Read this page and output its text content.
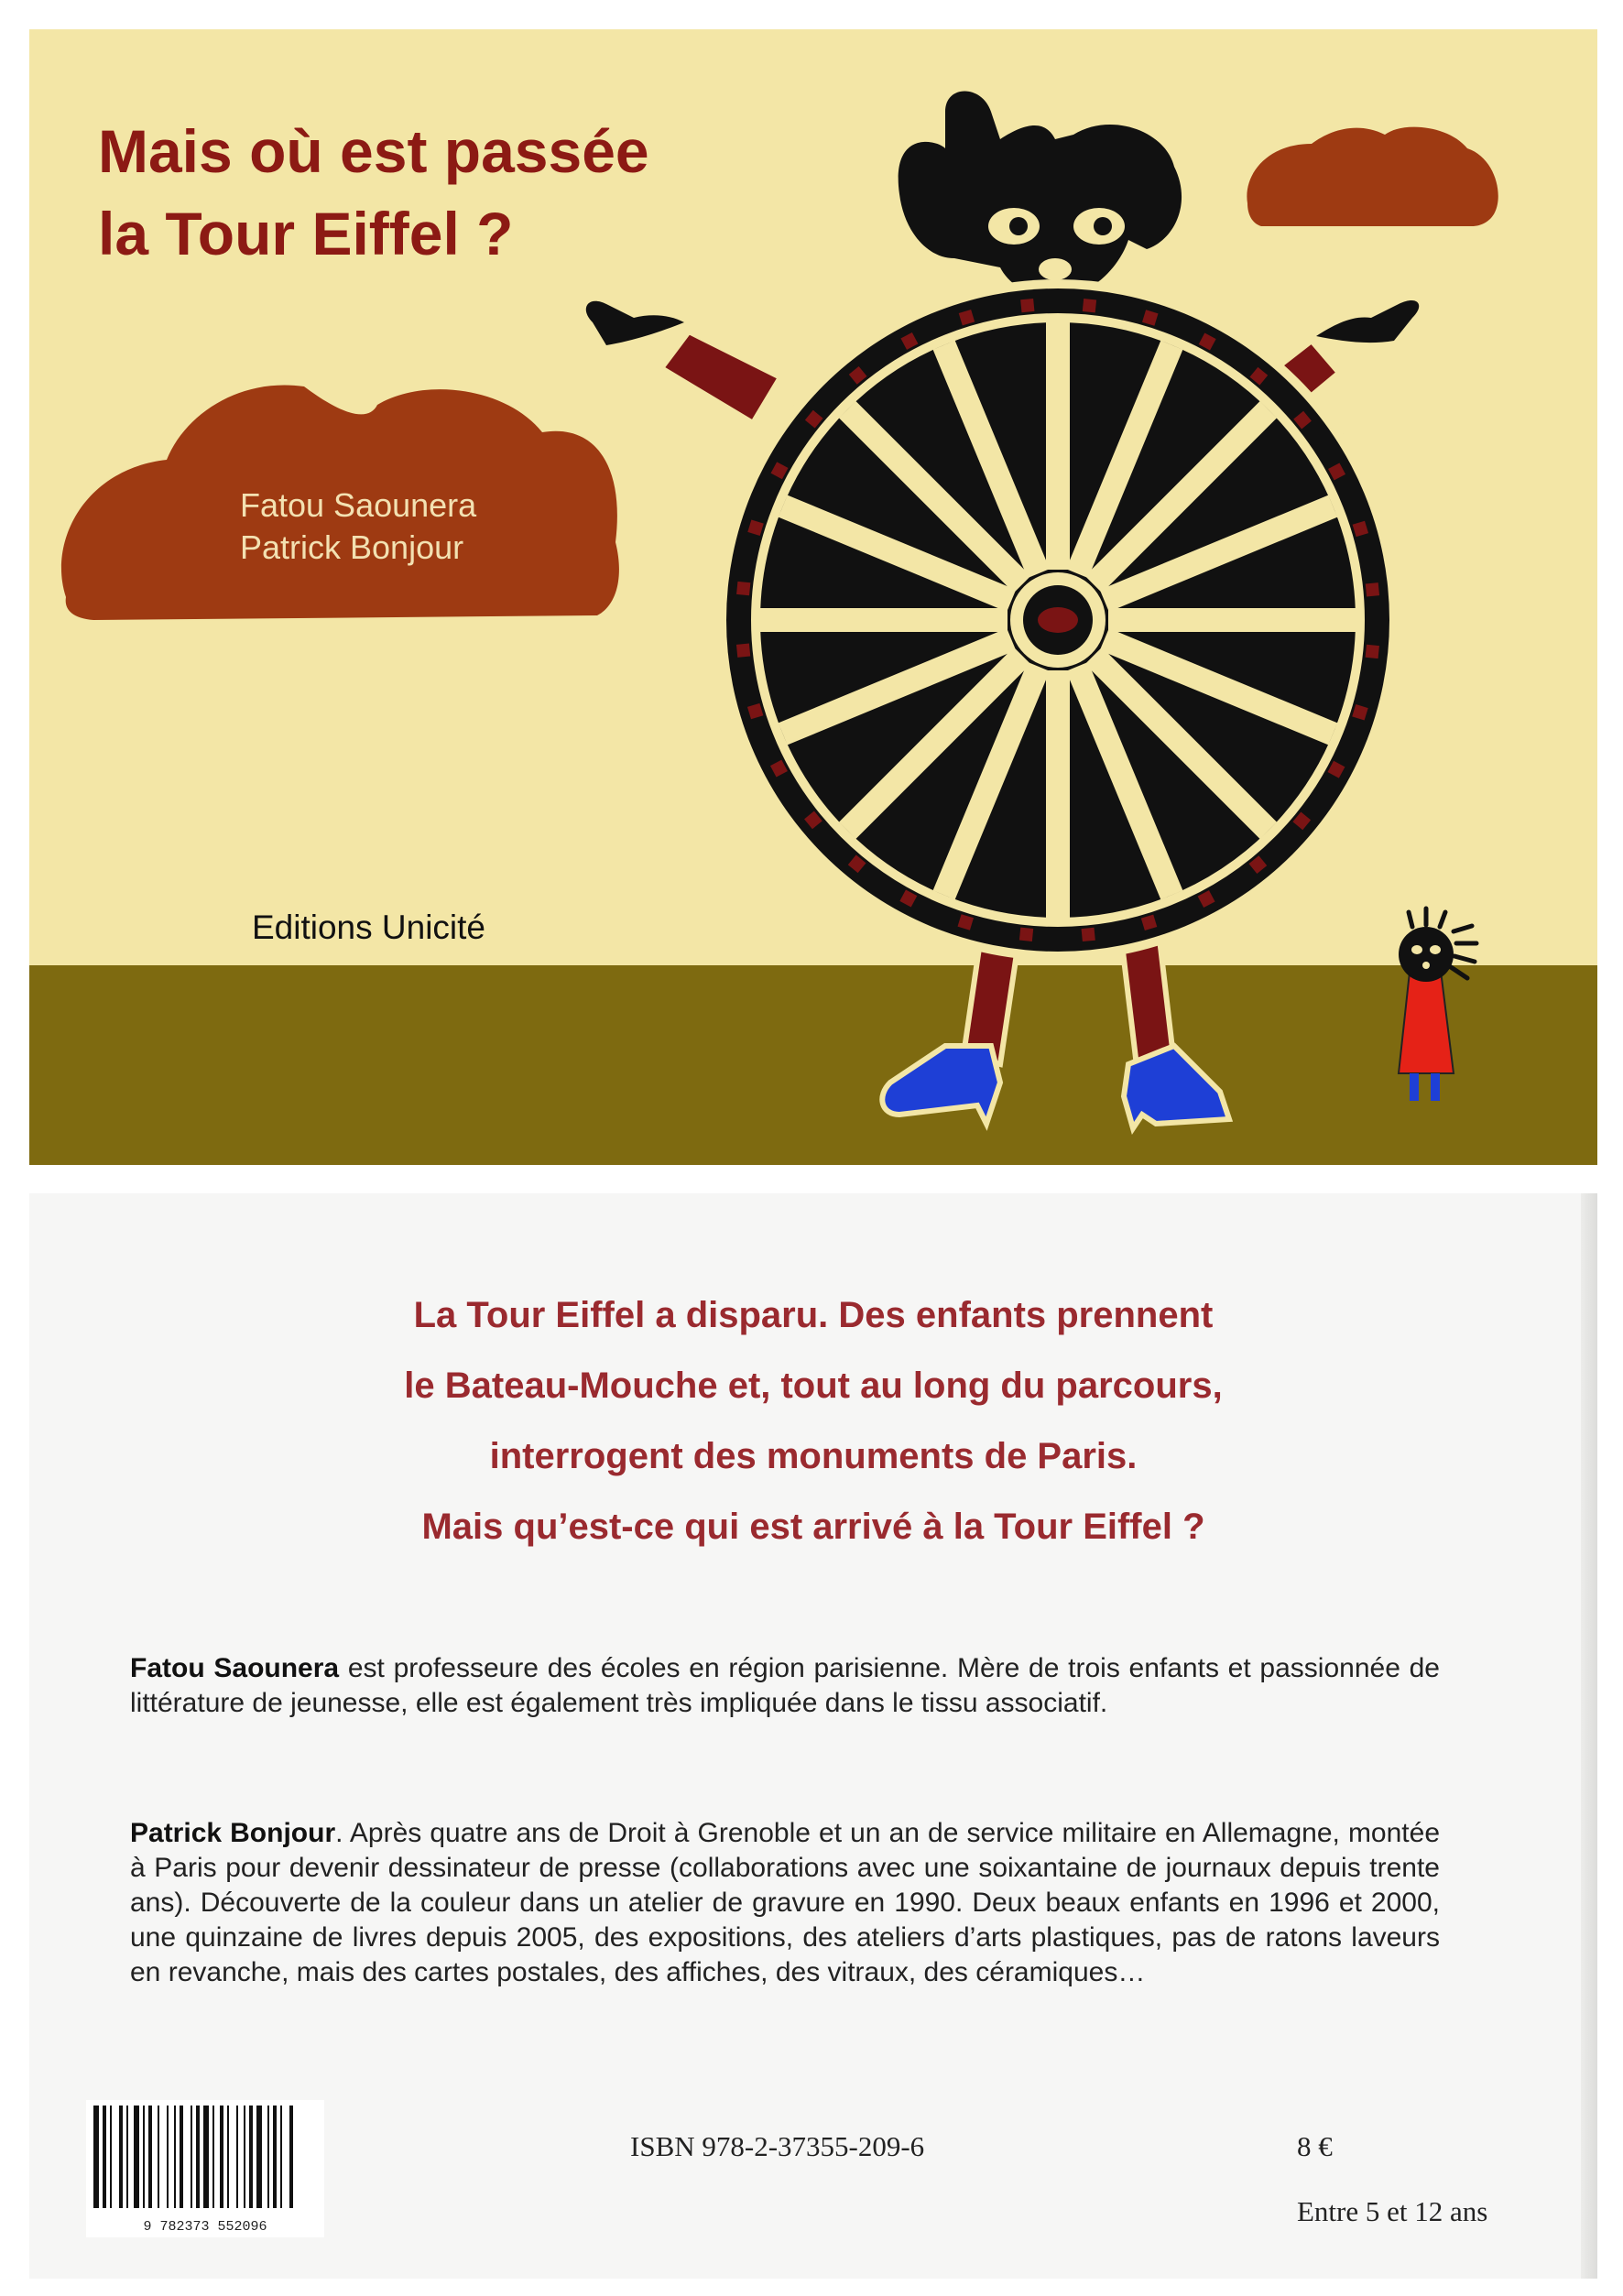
Mais où est passée
la Tour Eiffel ?
Fatou Saounera
Patrick Bonjour
Editions Unicité
La Tour Eiffel a disparu. Des enfants prennent
le Bateau-Mouche et, tout au long du parcours,
interrogent des monuments de Paris.
Mais qu’est-ce qui est arrivé à la Tour Eiffel ?
Fatou Saounera est professeure des écoles en région parisienne. Mère de trois enfants et passionnée de littérature de jeunesse, elle est également très impliquée dans le tissu associatif.
Patrick Bonjour. Après quatre ans de Droit à Grenoble et un an de service militaire en Allemagne, montée à Paris pour devenir dessinateur de presse (collaborations avec une soixantaine de journaux depuis trente ans). Découverte de la couleur dans un atelier de gravure en 1990. Deux beaux enfants en 1996 et 2000, une quinzaine de livres depuis 2005, des expositions, des ateliers d’arts plastiques, pas de ratons laveurs en revanche, mais des cartes postales, des affiches, des vitraux, des céramiques…
9 782373 552096
ISBN 978-2-37355-209-6	8 €
Entre 5 et 12 ans
